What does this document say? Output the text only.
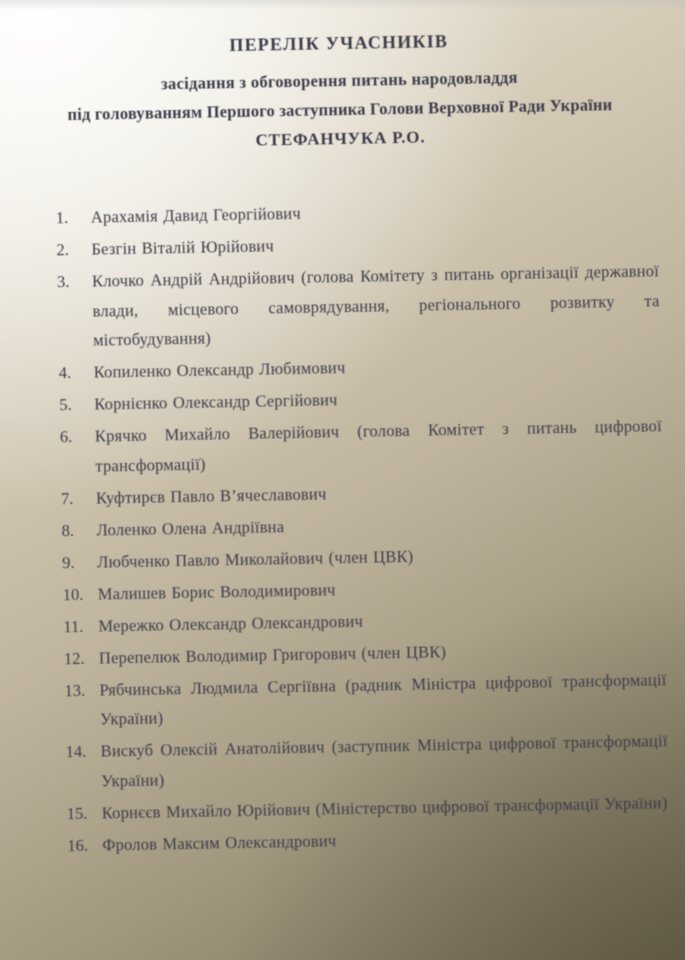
ПЕРЕЛІК УЧАСНИКІВ
засідання з обговорення питань народовладдя
під головуванням Першого заступника Голови Верховної Ради України
СТЕФАНЧУКА Р.О.
1.	Арахамія Давид Георгійович
2.	Безгін Віталій Юрійович
3.	Клочко Андрій Андрійович (голова Комітету з питань організації державної влади, місцевого самоврядування, регіонального розвитку та містобудування)
4.	Копиленко Олександр Любимович
5.	Корнієнко Олександр Сергійович
6.	Крячко Михайло Валерійович (голова Комітет з питань цифрової трансформації)
7.	Куфтирєв Павло В’ячеславович
8.	Лоленко Олена Андріївна
9.	Любченко Павло Миколайович (член ЦВК)
10. Малишев Борис Володимирович
11. Мережко Олександр Олександрович
12. Перепелюк Володимир Григорович (член ЦВК)
13. Рябчинська Людмила Сергіївна (радник Міністра цифрової трансформації України)
14. Вискуб Олексій Анатолійович (заступник Міністра цифрової трансформації України)
15. Корнєєв Михайло Юрійович (Міністерство цифрової трансформації України)
16. Фролов Максим Олександрович
